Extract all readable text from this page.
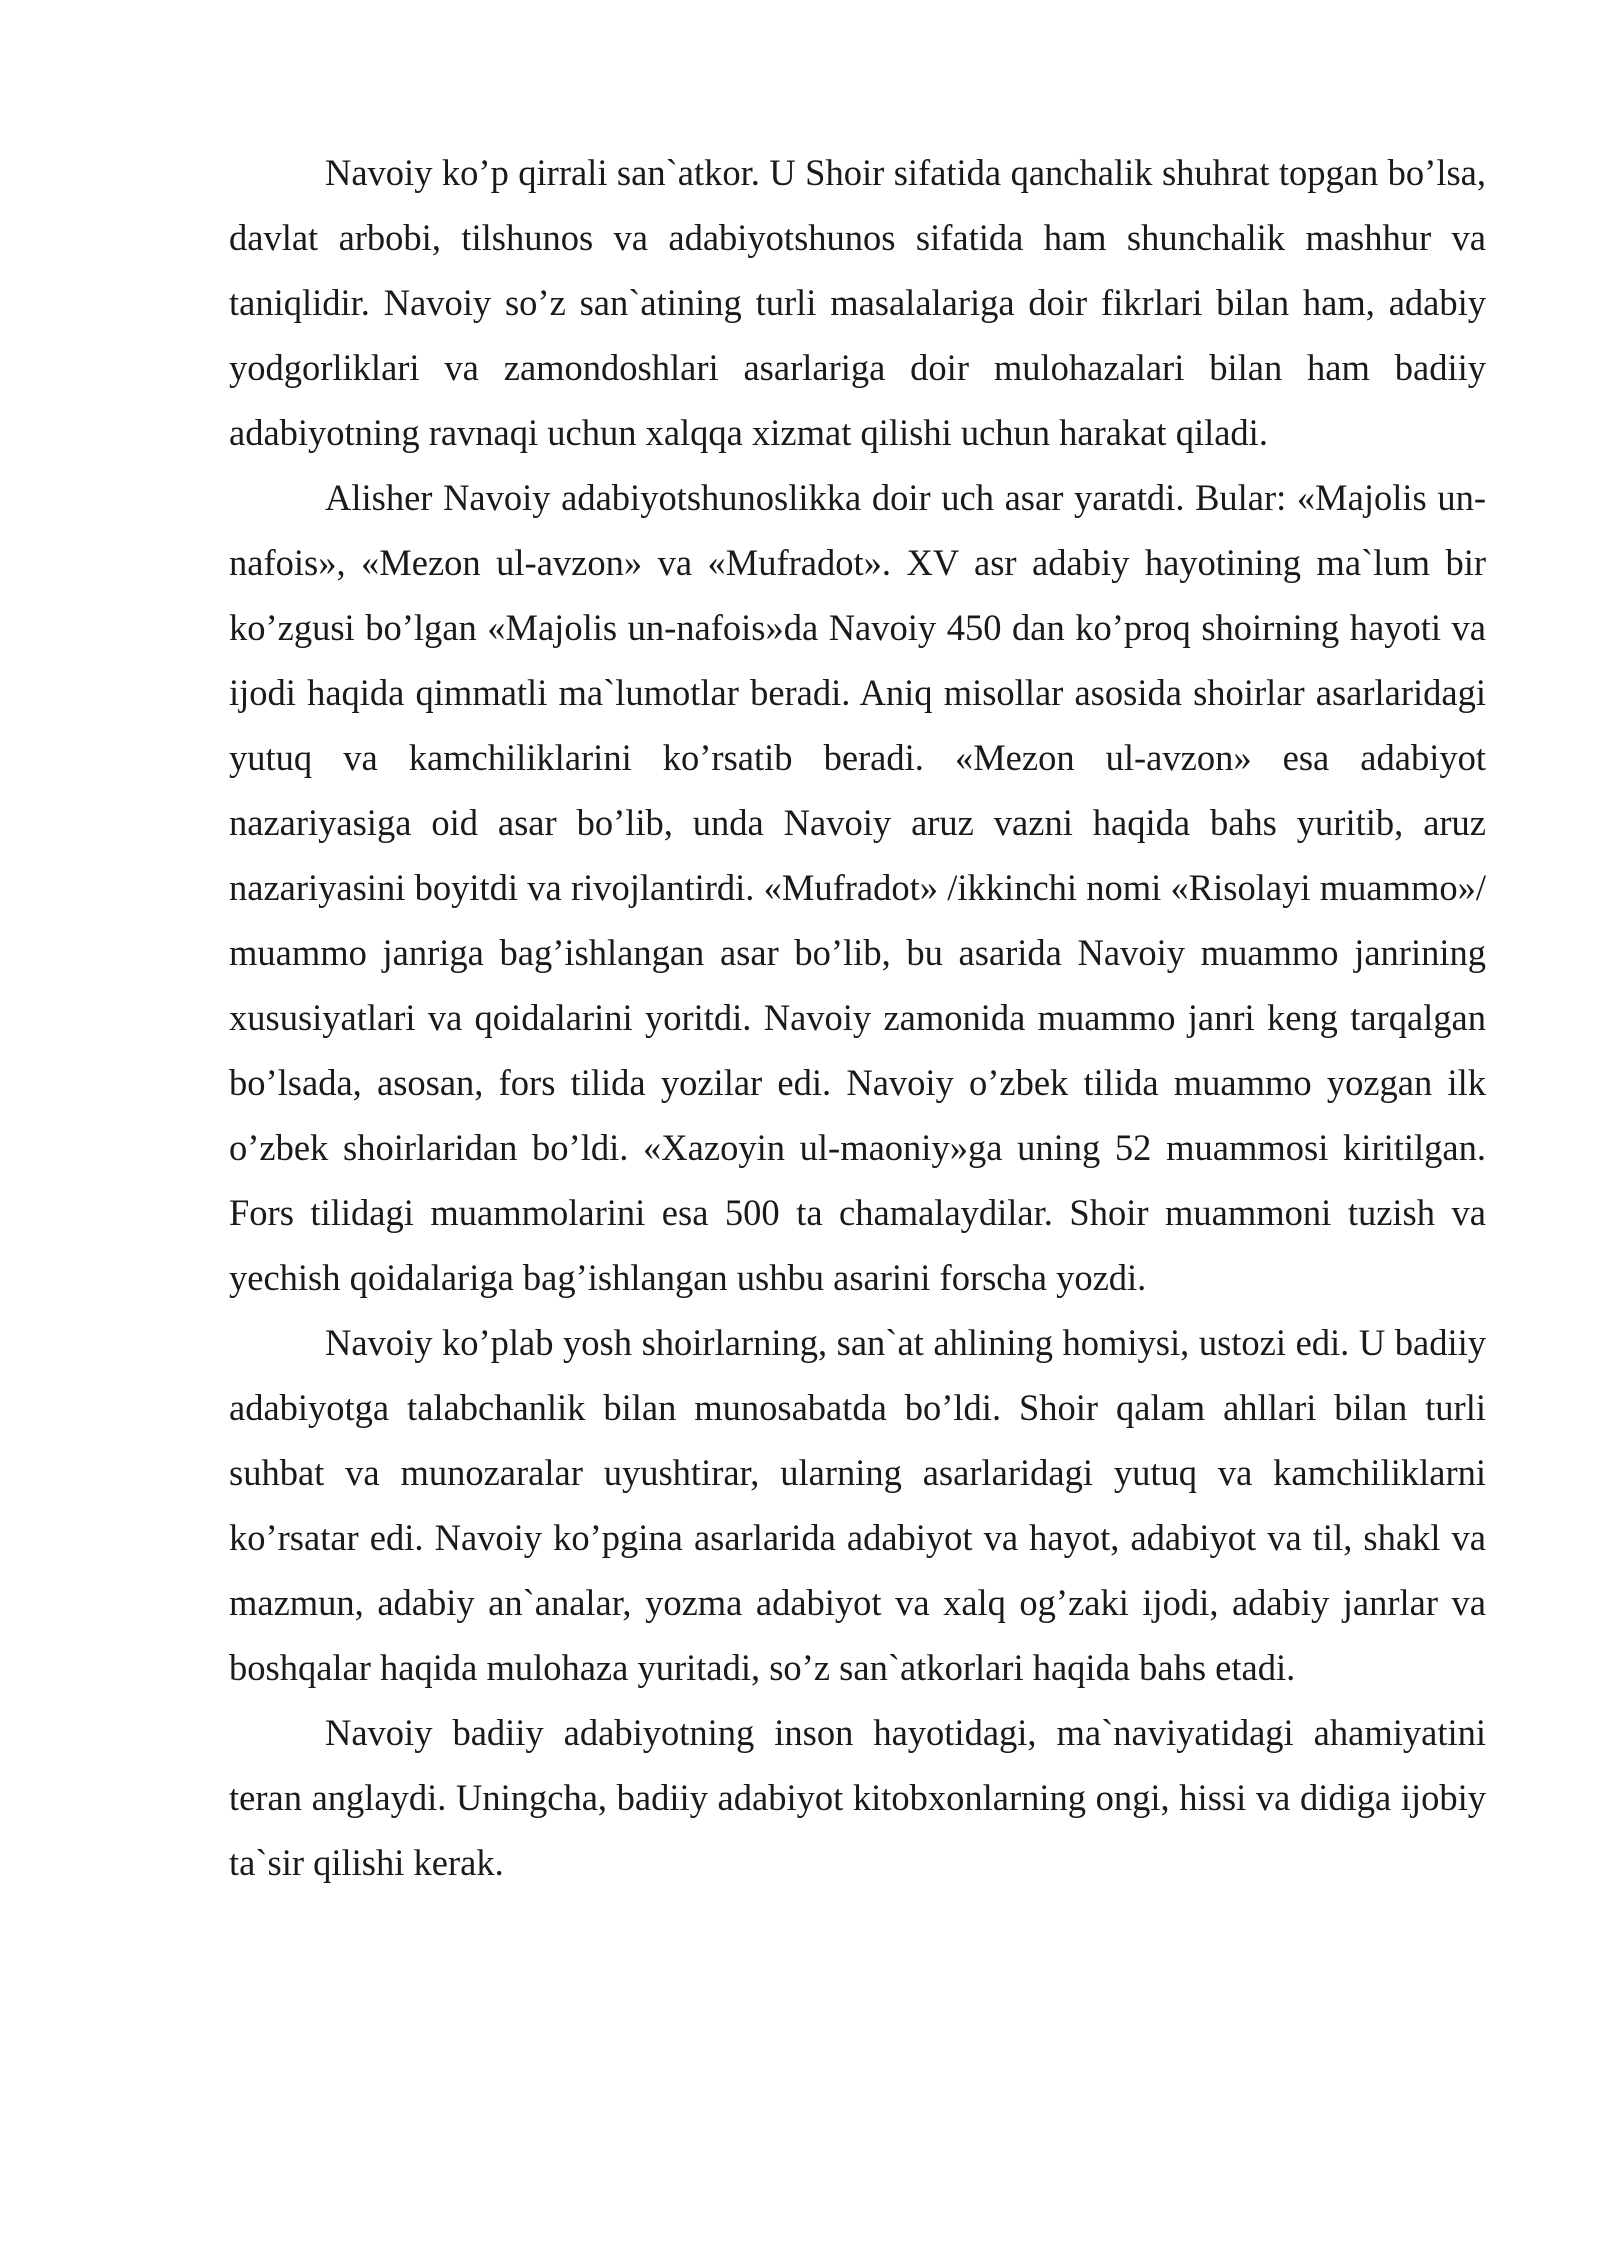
Navoiy ko’p qirrali san`atkor. U Shoir sifatida qanchalik shuhrat topgan bo’lsa, davlat arbobi, tilshunos va adabiyotshunos sifatida ham shunchalik mashhur va taniqlidir. Navoiy so’z san`atining turli masalalariga doir fikrlari bilan ham, adabiy yodgorliklari va zamondoshlari asarlariga doir mulohazalari bilan ham badiiy adabiyotning ravnaqi uchun xalqqa xizmat qilishi uchun harakat qiladi.

Alisher Navoiy adabiyotshunoslikka doir uch asar yaratdi. Bular: «Majolis un-nafois», «Mezon ul-avzon» va «Mufradot». XV asr adabiy hayotining ma`lum bir ko’zgusi bo’lgan «Majolis un-nafois»da Navoiy 450 dan ko’proq shoirning hayoti va ijodi haqida qimmatli ma`lumotlar beradi. Aniq misollar asosida shoirlar asarlaridagi yutuq va kamchiliklarini ko’rsatib beradi. «Mezon ul-avzon» esa adabiyot nazariyasiga oid asar bo’lib, unda Navoiy aruz vazni haqida bahs yuritib, aruz nazariyasini boyitdi va rivojlantirdi. «Mufradot» /ikkinchi nomi «Risolayi muammo»/ muammo janriga bag’ishlangan asar bo’lib, bu asarida Navoiy muammo janrining xususiyatlari va qoidalarini yoritdi. Navoiy zamonida muammo janri keng tarqalgan bo’lsada, asosan, fors tilida yozilar edi. Navoiy o’zbek tilida muammo yozgan ilk o’zbek shoirlaridan bo’ldi. «Xazoyin ul-maoniy»ga uning 52 muammosi kiritilgan. Fors tilidagi muammolarini esa 500 ta chamalaydilar. Shoir muammoni tuzish va yechish qoidalariga bag’ishlangan ushbu asarini forscha yozdi.

Navoiy ko’plab yosh shoirlarning, san`at ahlining homiysi, ustozi edi. U badiiy adabiyotga talabchanlik bilan munosabatda bo’ldi. Shoir qalam ahllari bilan turli suhbat va munozaralar uyushtirar, ularning asarlaridagi yutuq va kamchiliklarni ko’rsatar edi. Navoiy ko’pgina asarlarida adabiyot va hayot, adabiyot va til, shakl va mazmun, adabiy an`analar, yozma adabiyot va xalq og’zaki ijodi, adabiy janrlar va boshqalar haqida mulohaza yuritadi, so’z san`atkorlari haqida bahs etadi.

Navoiy badiiy adabiyotning inson hayotidagi, ma`naviyatidagi ahamiyatini teran anglaydi. Uningcha, badiiy adabiyot kitobxonlarning ongi, hissi va didiga ijobiy ta`sir qilishi kerak.
